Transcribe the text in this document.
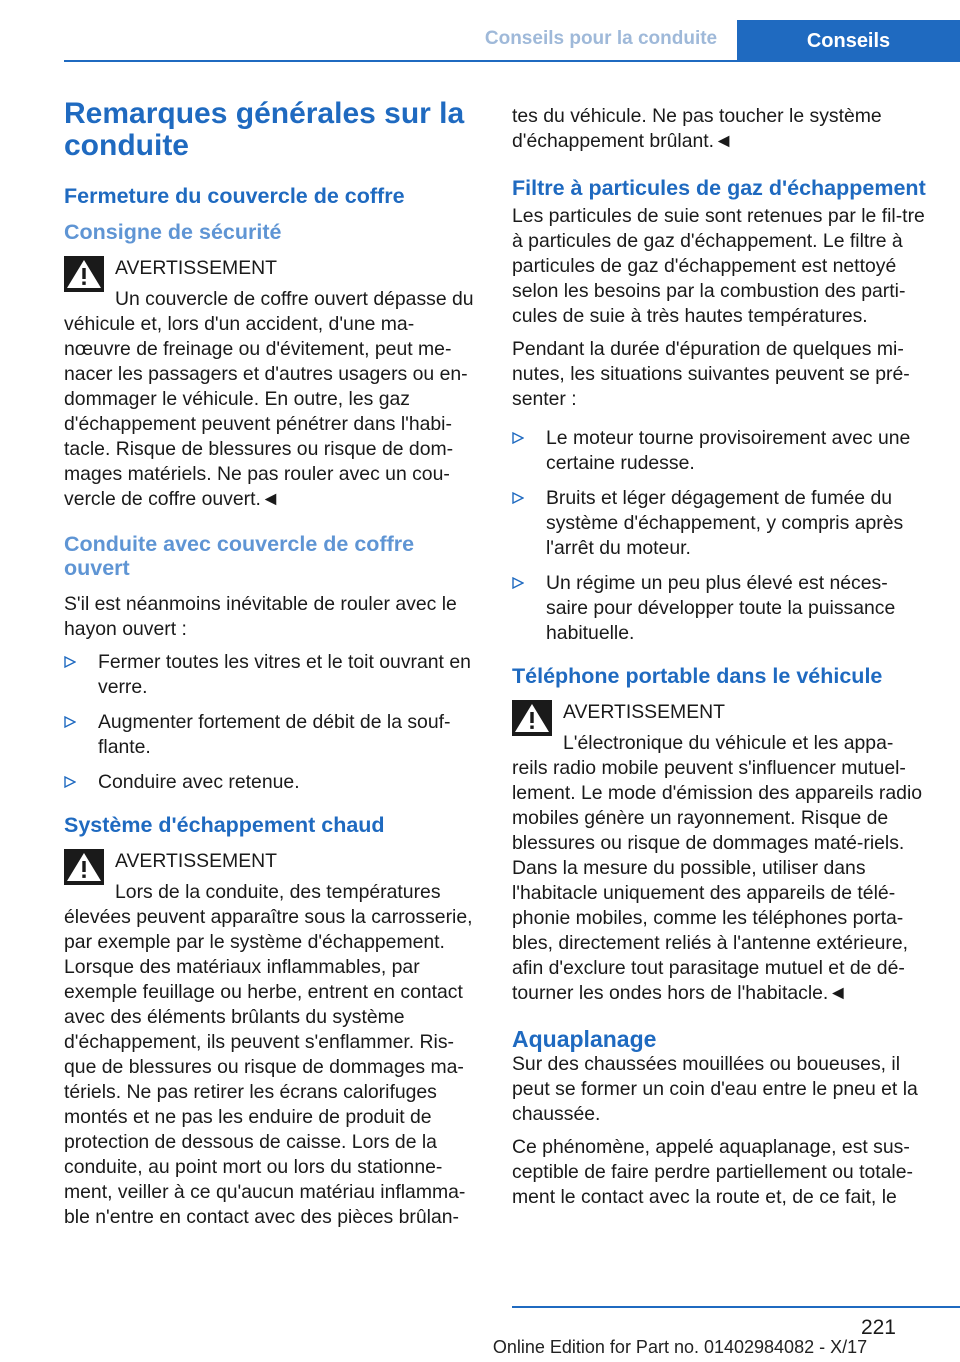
Conseils pour la conduite	Conseils
Remarques générales sur la conduite
Fermeture du couvercle de coffre
Consigne de sécurité
AVERTISSEMENT
Un couvercle de coffre ouvert dépasse du véhicule et, lors d'un accident, d'une ma‐nœuvre de freinage ou d'évitement, peut me‐nacer les passagers et d'autres usagers ou en‐dommager le véhicule. En outre, les gaz d'échappement peuvent pénétrer dans l'habi‐tacle. Risque de blessures ou risque de dom‐mages matériels. Ne pas rouler avec un cou‐vercle de coffre ouvert.◄
Conduite avec couvercle de coffre ouvert
S'il est néanmoins inévitable de rouler avec le hayon ouvert :
Fermer toutes les vitres et le toit ouvrant en verre.
Augmenter fortement de débit de la souf‐flante.
Conduire avec retenue.
Système d'échappement chaud
AVERTISSEMENT
Lors de la conduite, des températures élevées peuvent apparaître sous la carrosserie, par exemple par le système d'échappement. Lorsque des matériaux inflammables, par exemple feuillage ou herbe, entrent en contact avec des éléments brûlants du système d'échappement, ils peuvent s'enflammer. Ris‐que de blessures ou risque de dommages ma‐tériels. Ne pas retirer les écrans calorifuges montés et ne pas les enduire de produit de protection de dessous de caisse. Lors de la conduite, au point mort ou lors du stationne‐ment, veiller à ce qu'aucun matériau inflamma‐ble n'entre en contact avec des pièces brûlan‐
tes du véhicule. Ne pas toucher le système d'échappement brûlant.◄
Filtre à particules de gaz d'échappement
Les particules de suie sont retenues par le fil‐tre à particules de gaz d'échappement. Le filtre à particules de gaz d'échappement est nettoyé selon les besoins par la combustion des parti‐cules de suie à très hautes températures.
Pendant la durée d'épuration de quelques mi‐nutes, les situations suivantes peuvent se pré‐senter :
Le moteur tourne provisoirement avec une certaine rudesse.
Bruits et léger dégagement de fumée du système d'échappement, y compris après l'arrêt du moteur.
Un régime un peu plus élevé est néces‐saire pour développer toute la puissance habituelle.
Téléphone portable dans le véhicule
AVERTISSEMENT
L'électronique du véhicule et les appa‐reils radio mobile peuvent s'influencer mutuel‐lement. Le mode d'émission des appareils radio mobiles génère un rayonnement. Risque de blessures ou risque de dommages maté‐riels. Dans la mesure du possible, utiliser dans l'habitacle uniquement des appareils de télé‐phonie mobiles, comme les téléphones porta‐bles, directement reliés à l'antenne extérieure, afin d'exclure tout parasitage mutuel et de dé‐tourner les ondes hors de l'habitacle.◄
Aquaplanage
Sur des chaussées mouillées ou boueuses, il peut se former un coin d'eau entre le pneu et la chaussée.
Ce phénomène, appelé aquaplanage, est sus‐ceptible de faire perdre partiellement ou totale‐ment le contact avec la route et, de ce fait, le
221
Online Edition for Part no. 01402984082 - X/17
